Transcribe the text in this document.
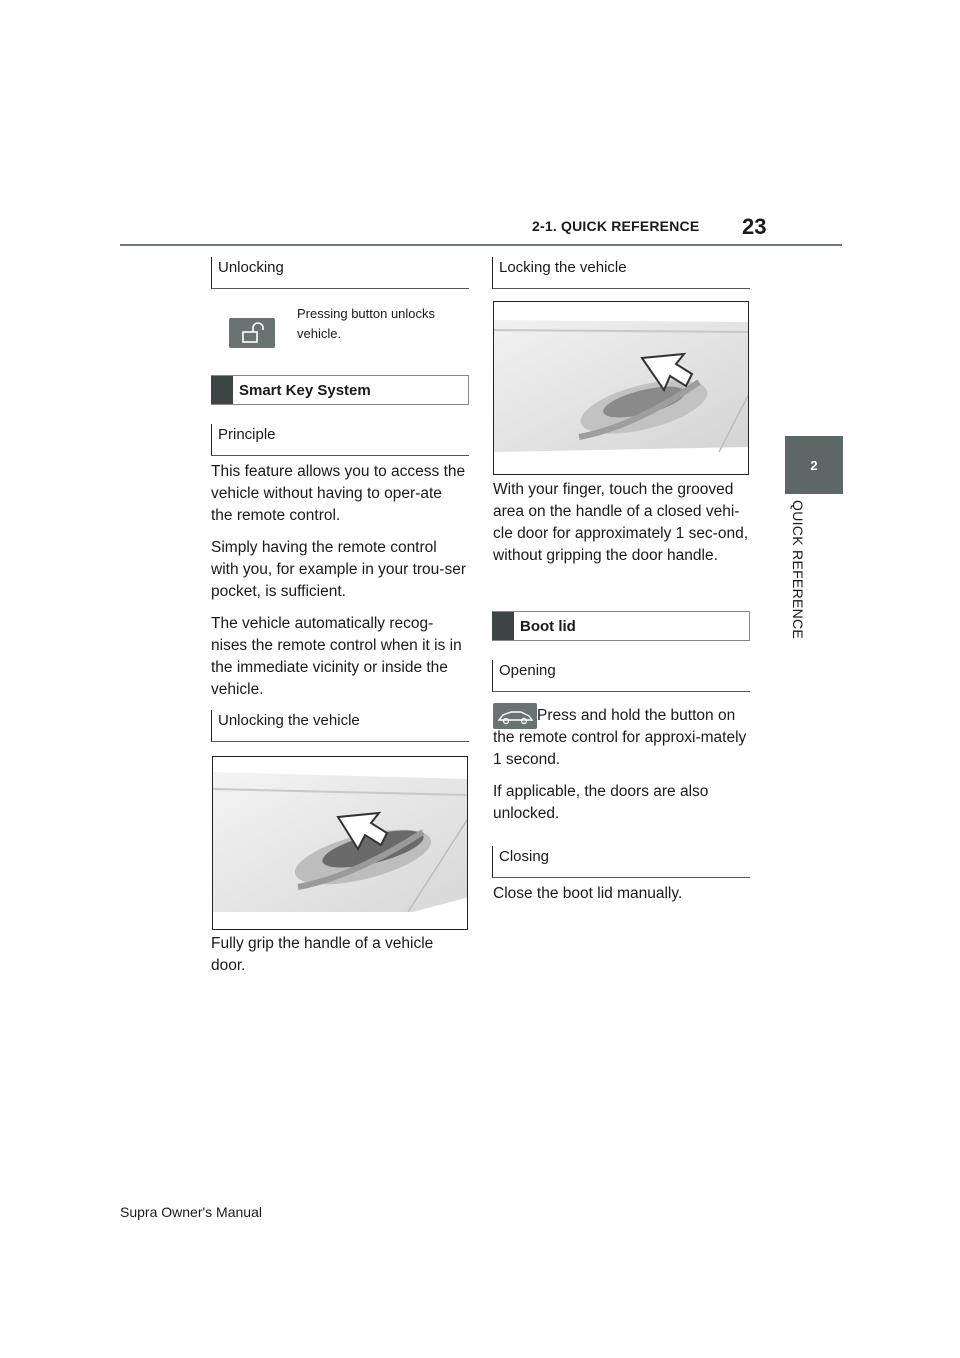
2-1. QUICK REFERENCE 23
2
QUICK REFERENCE
Unlocking
Pressing button unlocks vehicle.
Smart Key System
Principle

This feature allows you to access the vehicle without having to oper-ate the remote control.

Simply having the remote control with you, for example in your trou-ser pocket, is sufficient.

The vehicle automatically recog-nises the remote control when it is in the immediate vicinity or inside the vehicle.

Unlocking the vehicle

Fully grip the handle of a vehicle door.

Locking the vehicle

With your finger, touch the grooved area on the handle of a closed vehi-cle door for approximately 1 sec-ond, without gripping the door handle.

Boot lid
Opening

Press and hold the button on the remote control for approxi-mately 1 second.

If applicable, the doors are also unlocked.

Closing

Close the boot lid manually.

Supra Owner's Manual
